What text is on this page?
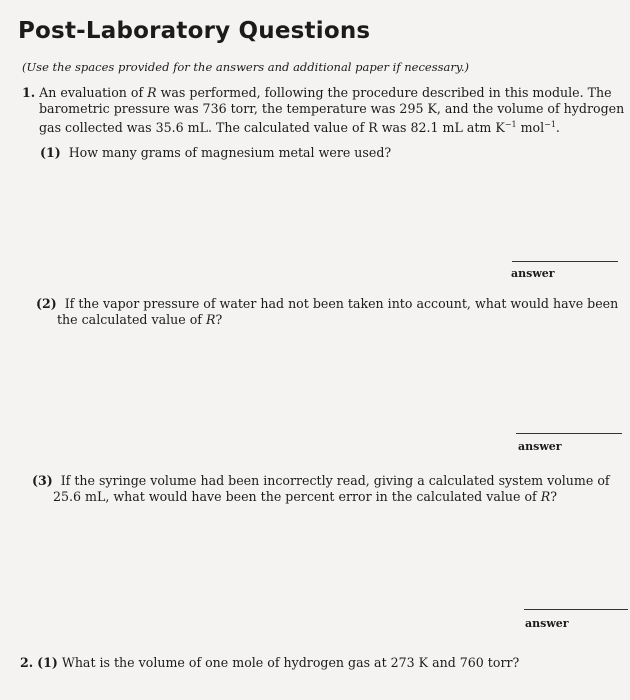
Post-Laboratory Questions
(Use the spaces provided for the answers and additional paper if necessary.)
1. An evaluation of R was performed, following the procedure described in this module. The barometric pressure was 736 torr, the temperature was 295 K, and the volume of hydrogen gas collected was 35.6 mL. The calculated value of R was 82.1 mL atm $K^{-1}$ mol$^{-1}$.
(1) How many grams of magnesium metal were used?
answer
(2) If the vapor pressure of water had not been taken into account, what would have been the calculated value of R?
answer
(3) If the syringe volume had been incorrectly read, giving a calculated system volume of 25.6 mL, what would have been the percent error in the calculated value of R?
answer
2. (1) What is the volume of one mole of hydrogen gas at 273 K and 760 torr?
